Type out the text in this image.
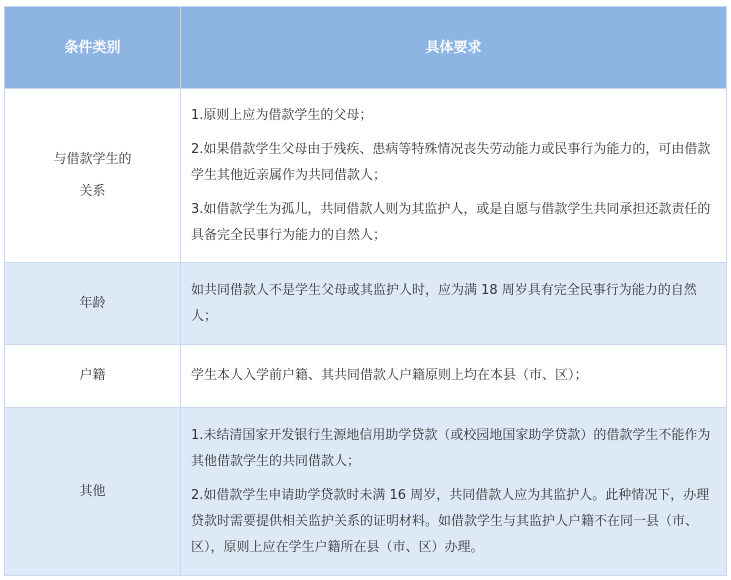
条件类别	具体要求
与借款学生的关系	1.原则上应为借款学生的父母；

2.如果借款学生父母由于残疾、患病等特殊情况丧失劳动能力或民事行为能力的，可由借款学生其他近亲属作为共同借款人；

3.如借款学生为孤儿，共同借款人则为其监护人，或是自愿与借款学生共同承担还款责任的具备完全民事行为能力的自然人；

年龄	如共同借款人不是学生父母或其监护人时，应为满 18 周岁具有完全民事行为能力的自然人；

户籍	学生本人入学前户籍、其共同借款人户籍原则上均在本县（市、区）；

其他	1.未结清国家开发银行生源地信用助学贷款（或校园地国家助学贷款）的借款学生不能作为其他借款学生的共同借款人；

2.如借款学生申请助学贷款时未满 16 周岁，共同借款人应为其监护人。此种情况下，办理贷款时需要提供相关监护关系的证明材料。如借款学生与其监护人户籍不在同一县（市、区），原则上应在学生户籍所在县（市、区）办理。
